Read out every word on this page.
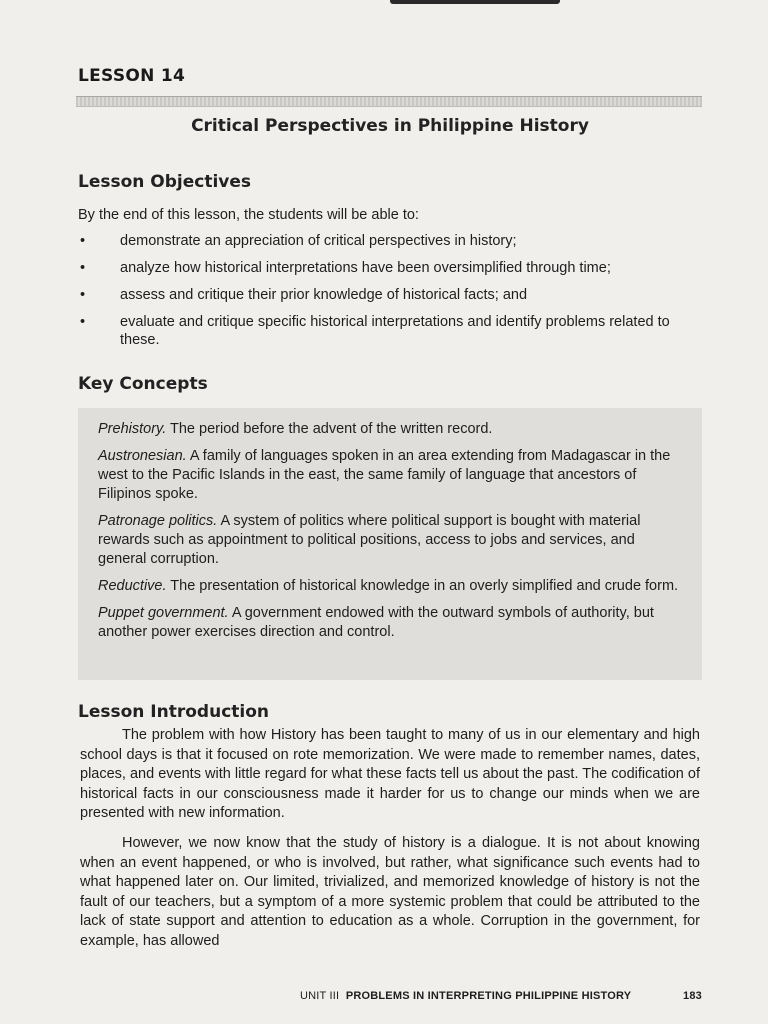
LESSON 14
Critical Perspectives in Philippine History
Lesson Objectives
By the end of this lesson, the students will be able to:
• demonstrate an appreciation of critical perspectives in history;
• analyze how historical interpretations have been oversimplified through time;
• assess and critique their prior knowledge of historical facts; and
• evaluate and critique specific historical interpretations and identify problems related to these.
Key Concepts
Prehistory. The period before the advent of the written record.
Austronesian. A family of languages spoken in an area extending from Madagascar in the west to the Pacific Islands in the east, the same family of language that ancestors of Filipinos spoke.
Patronage politics. A system of politics where political support is bought with material rewards such as appointment to political positions, access to jobs and services, and general corruption.
Reductive. The presentation of historical knowledge in an overly simplified and crude form.
Puppet government. A government endowed with the outward symbols of authority, but another power exercises direction and control.
Lesson Introduction

The problem with how History has been taught to many of us in our elementary and high school days is that it focused on rote memorization. We were made to remember names, dates, places, and events with little regard for what these facts tell us about the past. The codification of historical facts in our consciousness made it harder for us to change our minds when we are presented with new information.

However, we now know that the study of history is a dialogue. It is not about knowing when an event happened, or who is involved, but rather, what significance such events had to what happened later on. Our limited, trivialized, and memorized knowledge of history is not the fault of our teachers, but a symptom of a more systemic problem that could be attributed to the lack of state support and attention to education as a whole. Corruption in the government, for example, has allowed

UNIT III PROBLEMS IN INTERPRETING PHILIPPINE HISTORY	183
